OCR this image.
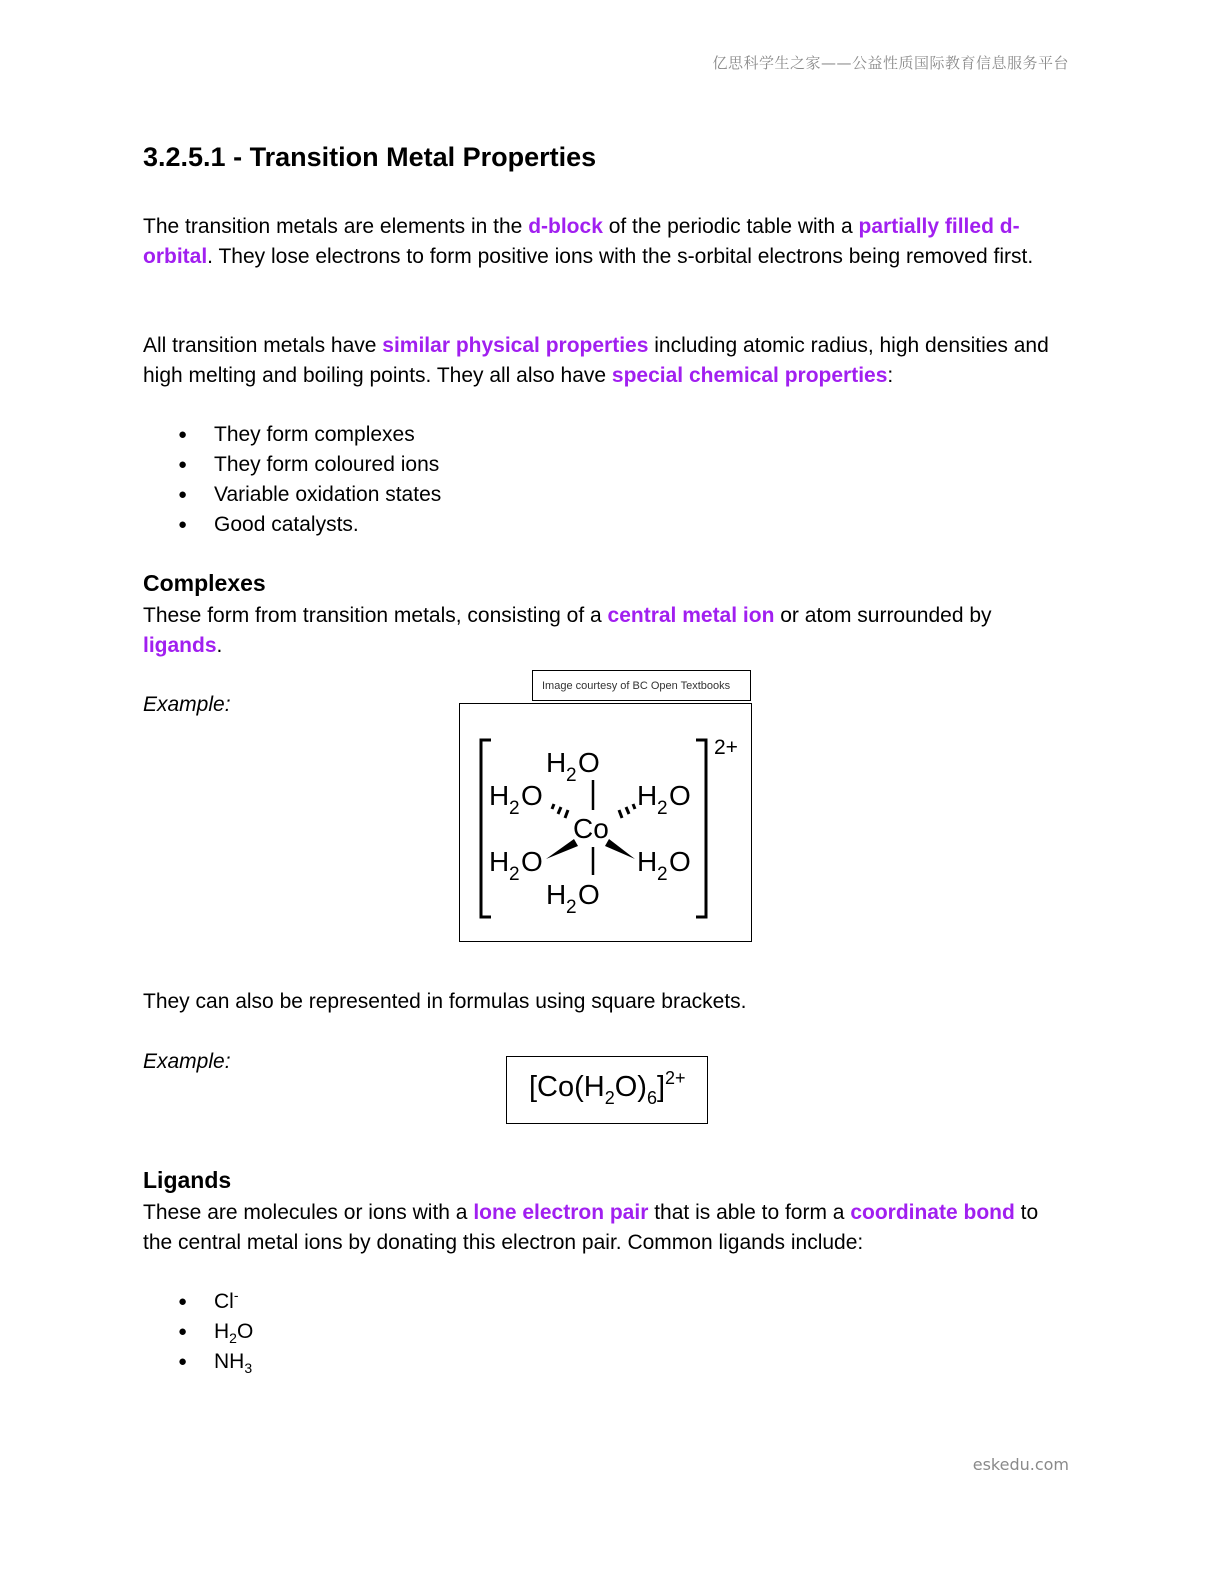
亿思科学生之家——公益性质国际教育信息服务平台
3.2.5.1 - Transition Metal Properties

The transition metals are elements in the d-block of the periodic table with a partially filled d-orbital. They lose electrons to form positive ions with the s-orbital electrons being removed first.

All transition metals have similar physical properties including atomic radius, high densities and high melting and boiling points. They all also have special chemical properties:

● They form complexes
● They form coloured ions
● Variable oxidation states
● Good catalysts.
Complexes

These form from transition metals, consisting of a central metal ion or atom surrounded by ligands.

Example:
Image courtesy of BC Open Textbooks
2+
Co
H 2 O
H 2 O
H 2 O	H 2 O
H 2 O	H 2 O

They can also be represented in formulas using square brackets.

Example:
$[Co(H_2O)_6]^{2+}$
Ligands

These are molecules or ions with a lone electron pair that is able to form a coordinate bond to the central metal ions by donating this electron pair. Common ligands include:

● Cl-
● $H_2O$
● $NH_3$
eskedu.com
